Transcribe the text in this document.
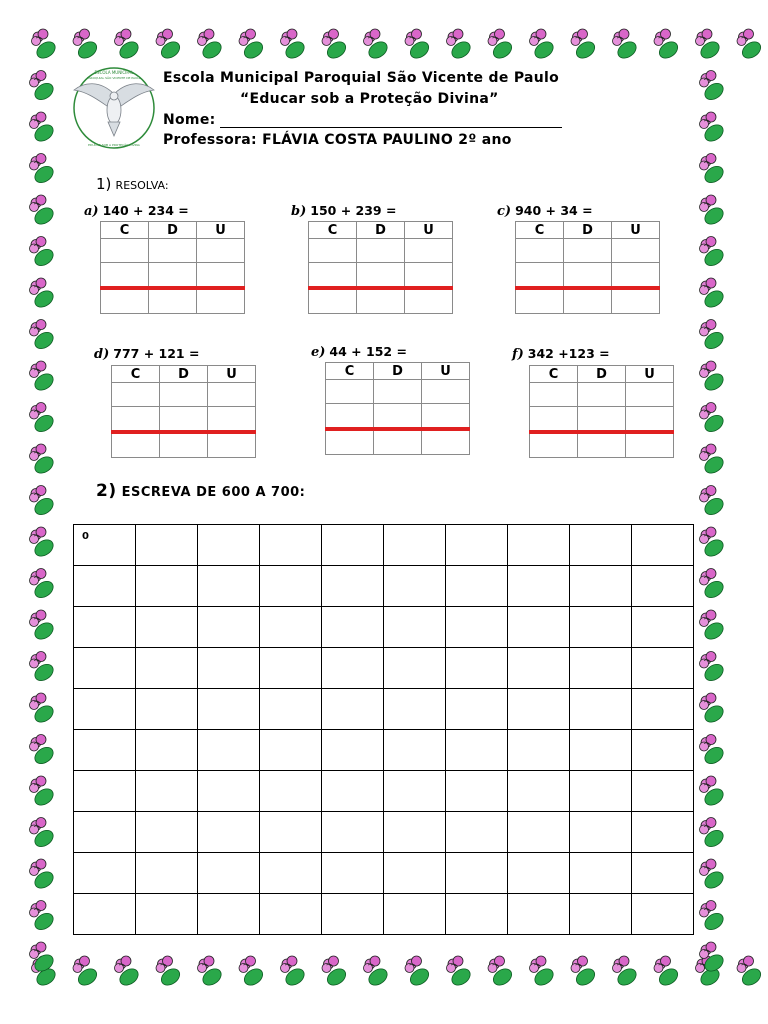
ESCOLA MUNICIPAL
PAROQUIAL SÃO VICENTE DE PAULO
EDUCAR SOB A PROTEÇÃO DIVINA
Escola Municipal Paroquial São Vicente de Paulo
“Educar sob a Proteção Divina”
Nome:
Professora: FLÁVIA COSTA PAULINO 2º ano
1) RESOLVA:
a) 140 + 234 =	b) 150 + 239 =	c) 940 + 34 =
d) 777 + 121 =	e) 44 + 152 =	f) 342 +123 =
C	D	U

			C	D	U

			C	D	U

C	D	U

			C	D	U

			C	D	U

2) ESCREVA DE 600 A 700:
0									
